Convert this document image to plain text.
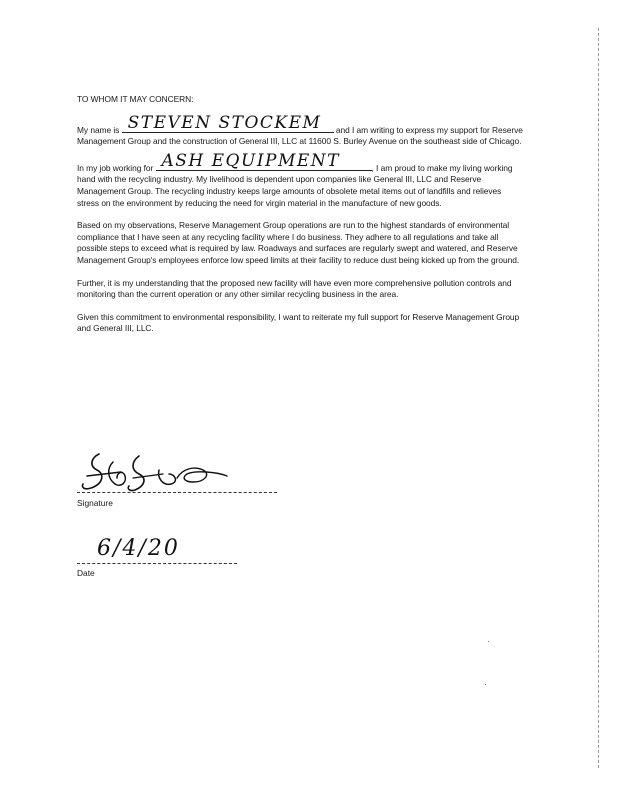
TO WHOM IT MAY CONCERN:

My name is STEVEN STOCKEM and I am writing to express my support for Reserve Management Group and the construction of General III, LLC at 11600 S. Burley Avenue on the southeast side of Chicago.

In my job working for ASH EQUIPMENT	, I am proud to make my living working hand with the recycling industry. My livelihood is dependent upon companies like General III, LLC and Reserve Management Group. The recycling industry keeps large amounts of obsolete metal items out of landfills and relieves stress on the environment by reducing the need for virgin material in the manufacture of new goods.

Based on my observations, Reserve Management Group operations are run to the highest standards of environmental compliance that I have seen at any recycling facility where I do business. They adhere to all regulations and take all possible steps to exceed what is required by law. Roadways and surfaces are regularly swept and watered, and Reserve Management Group's employees enforce low speed limits at their facility to reduce dust being kicked up from the ground.

Further, it is my understanding that the proposed new facility will have even more comprehensive pollution controls and monitoring than the current operation or any other similar recycling business in the area.

Given this commitment to environmental responsibility, I want to reiterate my full support for Reserve Management Group and General III, LLC.

Signature
6/4/20
Date
